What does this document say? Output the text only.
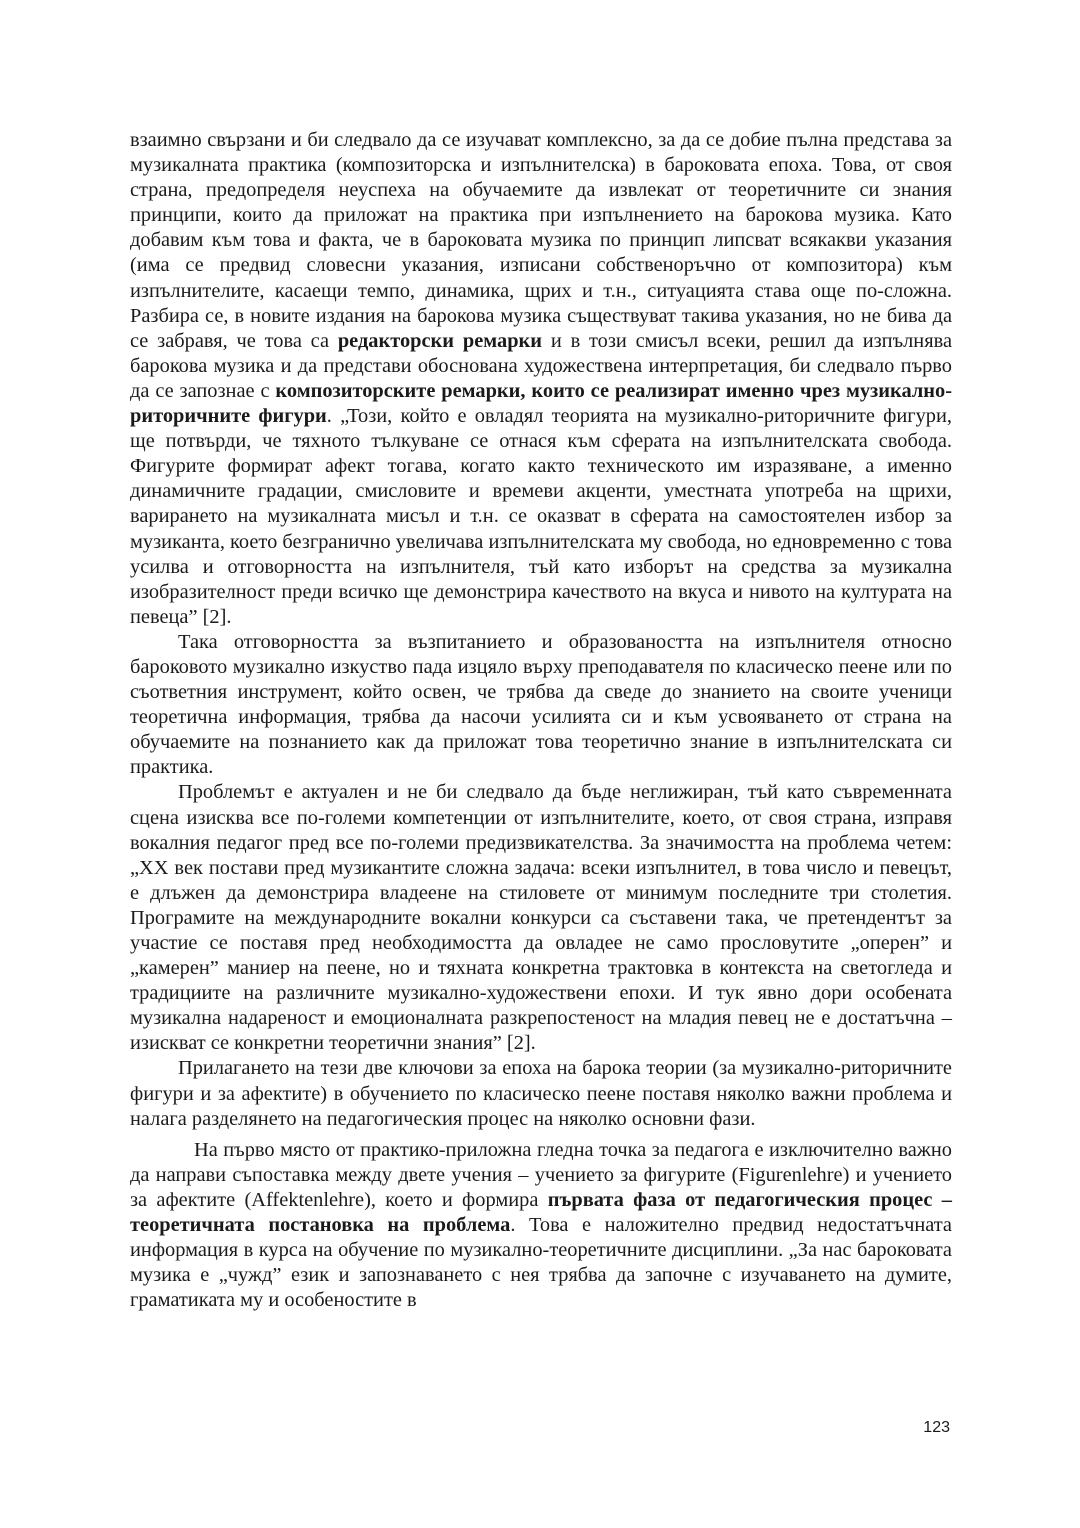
взаимно свързани и би следвало да се изучават комплексно, за да се добие пълна представа за музикалната практика (композиторска и изпълнителска) в бароковата епоха. Това, от своя страна, предопределя неуспеха на обучаемите да извлекат от теоретичните си знания принципи, които да приложат на практика при изпълнението на барокова музика. Като добавим към това и факта, че в бароковата музика по принцип липсват всякакви указания (има се предвид словесни указания, изписани собственоръчно от композитора) към изпълнителите, касаещи темпо, динамика, щрих и т.н., ситуацията става още по-сложна. Разбира се, в новите издания на барокова музика съществуват такива указания, но не бива да се забравя, че това са редакторски ремарки и в този смисъл всеки, решил да изпълнява барокова музика и да представи обоснована художествена интерпретация, би следвало първо да се запознае с композиторските ремарки, които се реализират именно чрез музикално-риторичните фигури. „Този, който е овладял теорията на музикално-риторичните фигури, ще потвърди, че тяхното тълкуване се отнася към сферата на изпълнителската свобода. Фигурите формират афект тогава, когато както техническото им изразяване, а именно динамичните градации, смисловите и времеви акценти, уместната употреба на щрихи, варирането на музикалната мисъл и т.н. се оказват в сферата на самостоятелен избор за музиканта, което безгранично увеличава изпълнителската му свобода, но едновременно с това усилва и отговорността на изпълнителя, тъй като изборът на средства за музикална изобразителност преди всичко ще демонстрира качеството на вкуса и нивото на културата на певеца” [2].

Така отговорността за възпитанието и образоваността на изпълнителя относно бароковото музикално изкуство пада изцяло върху преподавателя по класическо пеене или по съответния инструмент, който освен, че трябва да сведе до знанието на своите ученици теоретична информация, трябва да насочи усилията си и към усвояването от страна на обучаемите на познанието как да приложат това теоретично знание в изпълнителската си практика.

Проблемът е актуален и не би следвало да бъде неглижиран, тъй като съвременната сцена изисква все по-големи компетенции от изпълнителите, което, от своя страна, изправя вокалния педагог пред все по-големи предизвикателства. За значимостта на проблема четем: „XX век постави пред музикантите сложна задача: всеки изпълнител, в това число и певецът, е длъжен да демонстрира владеене на стиловете от минимум последните три столетия. Програмите на международните вокални конкурси са съставени така, че претендентът за участие се поставя пред необходимостта да овладее не само прословутите „оперен” и „камерен” маниер на пеене, но и тяхната конкретна трактовка в контекста на светогледа и традициите на различните музикално-художествени епохи. И тук явно дори особената музикална надареност и емоционалната разкрепостеност на младия певец не е достатъчна – изискват се конкретни теоретични знания” [2].

Прилагането на тези две ключови за епоха на барока теории (за музикално-риторичните фигури и за афектите) в обучението по класическо пеене поставя няколко важни проблема и налага разделянето на педагогическия процес на няколко основни фази.

На първо място от практико-приложна гледна точка за педагога е изключително важно да направи съпоставка между двете учения – учението за фигурите (Figurenlehre) и учението за афектите (Affektenlehre), което и формира първата фаза от педагогическия процес – теоретичната постановка на проблема. Това е наложително предвид недостатъчната информация в курса на обучение по музикално-теоретичните дисциплини. „За нас бароковата музика е „чужд” език и запознаването с нея трябва да започне с изучаването на думите, граматиката му и особеностите в

123
